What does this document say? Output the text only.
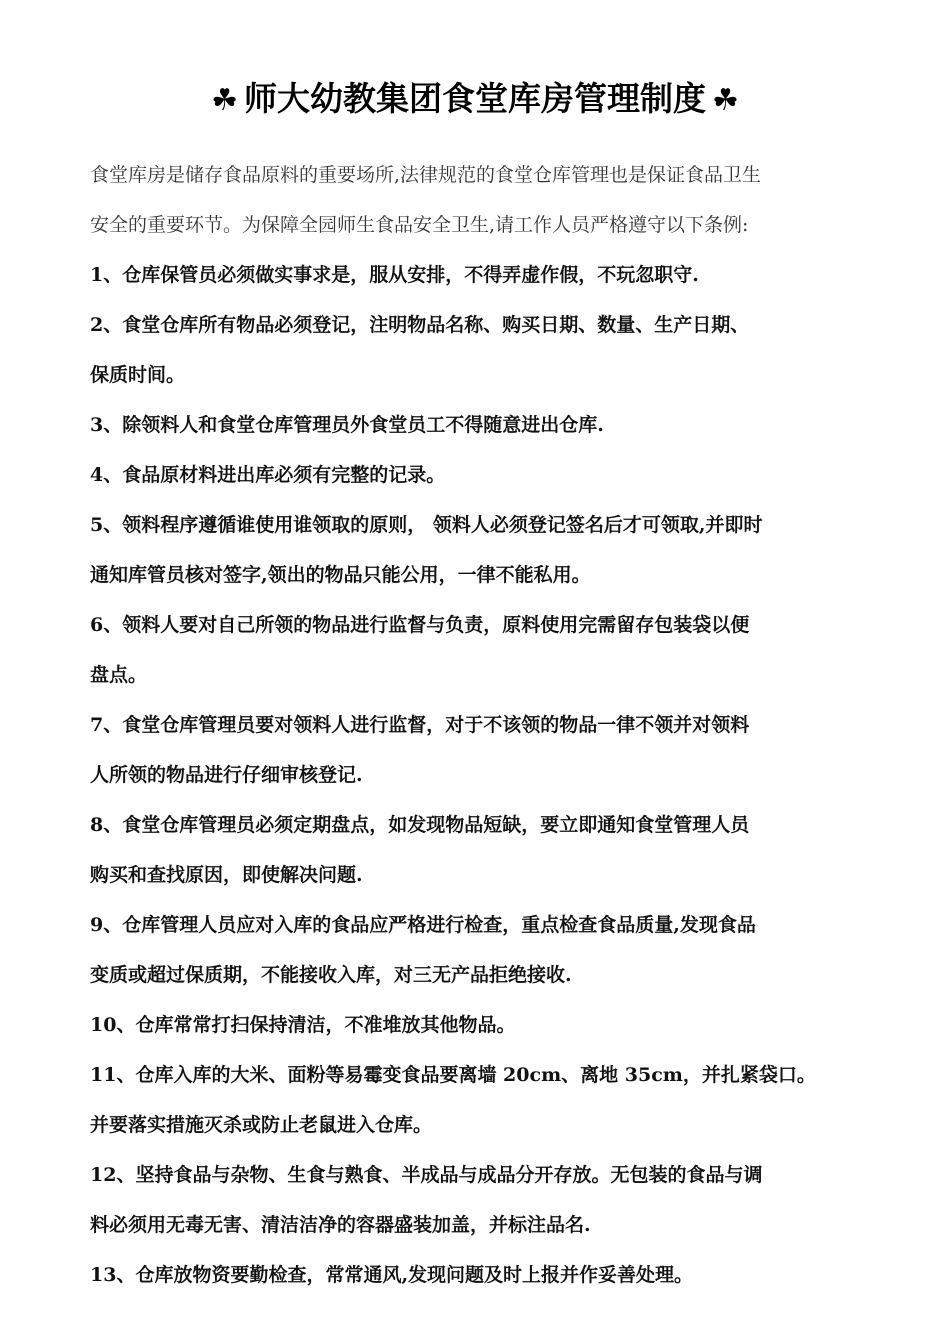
☘ 师大幼教集团食堂库房管理制度 ☘
食堂库房是储存食品原料的重要场所,法律规范的食堂仓库管理也是保证食品卫生
安全的重要环节。为保障全园师生食品安全卫生,请工作人员严格遵守以下条例:
1、仓库保管员必须做实事求是，服从安排，不得弄虚作假，不玩忽职守.
2、食堂仓库所有物品必须登记，注明物品名称、购买日期、数量、生产日期、
保质时间。
3、除领料人和食堂仓库管理员外食堂员工不得随意进出仓库.
4、食品原材料进出库必须有完整的记录。
5、领料程序遵循谁使用谁领取的原则， 领料人必须登记签名后才可领取,并即时
通知库管员核对签字,领出的物品只能公用，一律不能私用。
6、领料人要对自己所领的物品进行监督与负责，原料使用完需留存包装袋以便
盘点。
7、食堂仓库管理员要对领料人进行监督，对于不该领的物品一律不领并对领料
人所领的物品进行仔细审核登记.
8、食堂仓库管理员必须定期盘点，如发现物品短缺，要立即通知食堂管理人员
购买和查找原因，即使解决问题.
9、仓库管理人员应对入库的食品应严格进行检查，重点检查食品质量,发现食品
变质或超过保质期，不能接收入库，对三无产品拒绝接收.
10、仓库常常打扫保持清洁，不准堆放其他物品。
11、仓库入库的大米、面粉等易霉变食品要离墙 20cm、离地 35cm，并扎紧袋口。
并要落实措施灭杀或防止老鼠进入仓库。
12、坚持食品与杂物、生食与熟食、半成品与成品分开存放。无包装的食品与调
料必须用无毒无害、清洁洁净的容器盛装加盖，并标注品名.
13、仓库放物资要勤检查，常常通风,发现问题及时上报并作妥善处理。
